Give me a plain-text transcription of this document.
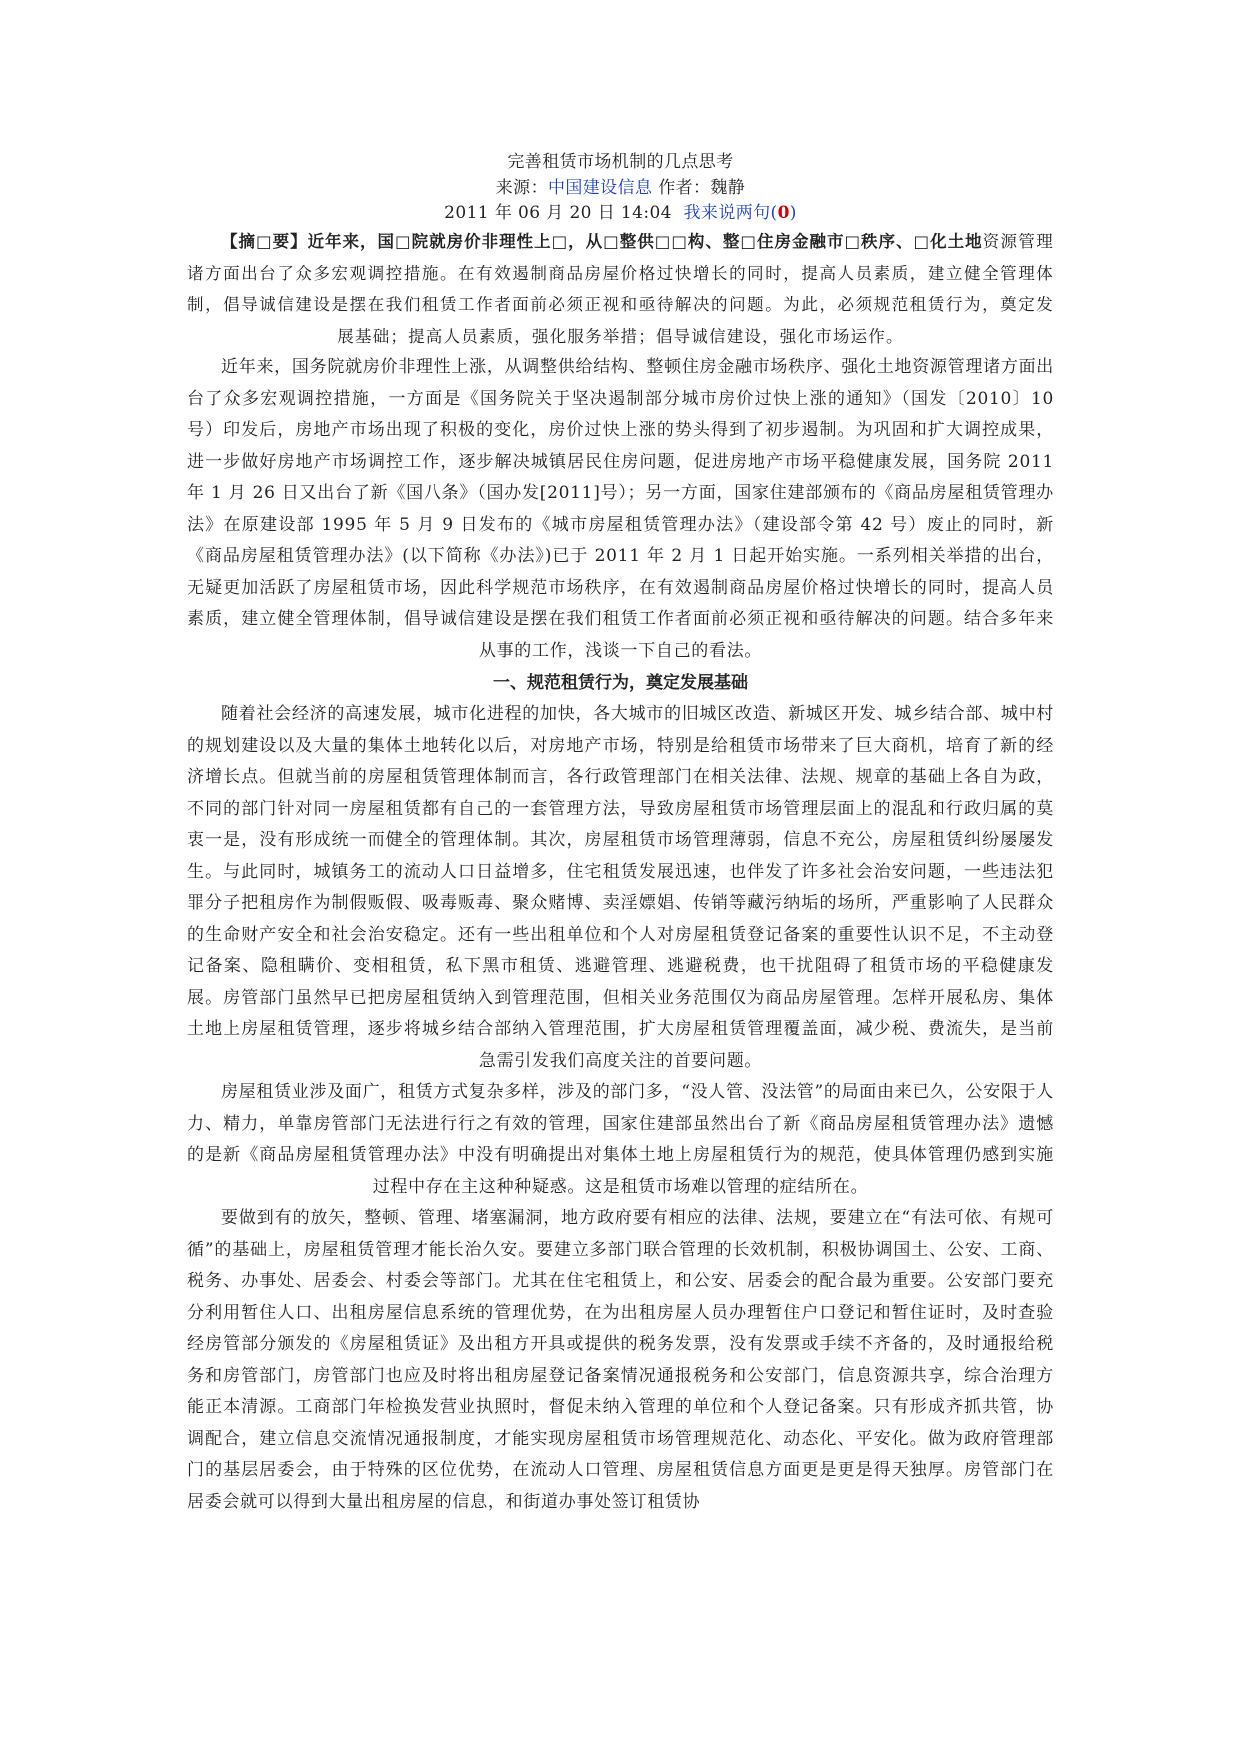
完善租赁市场机制的几点思考
来源：中国建设信息 作者：魏静
2011 年 06 月 20 日 14:04 我来说两句(0)

【摘□要】近年来，国□院就房价非理性上□，从□整供□□构、整□住房金融市□秩序、□化土地资源管理诸方面出台了众多宏观调控措施。在有效遏制商品房屋价格过快增长的同时，提高人员素质，建立健全管理体制，倡导诚信建设是摆在我们租赁工作者面前必须正视和亟待解决的问题。为此，必须规范租赁行为，奠定发展基础；提高人员素质，强化服务举措；倡导诚信建设，强化市场运作。

近年来，国务院就房价非理性上涨，从调整供给结构、整顿住房金融市场秩序、强化土地资源管理诸方面出台了众多宏观调控措施，一方面是《国务院关于坚决遏制部分城市房价过快上涨的通知》（国发〔2010〕10 号）印发后，房地产市场出现了积极的变化，房价过快上涨的势头得到了初步遏制。为巩固和扩大调控成果，进一步做好房地产市场调控工作，逐步解决城镇居民住房问题，促进房地产市场平稳健康发展，国务院 2011 年 1 月 26 日又出台了新《国八条》（国办发[2011]号）；另一方面，国家住建部颁布的《商品房屋租赁管理办法》在原建设部 1995 年 5 月 9 日发布的《城市房屋租赁管理办法》（建设部令第 42 号）废止的同时，新《商品房屋租赁管理办法》(以下简称《办法》)已于 2011 年 2 月 1 日起开始实施。一系列相关举措的出台，无疑更加活跃了房屋租赁市场，因此科学规范市场秩序，在有效遏制商品房屋价格过快增长的同时，提高人员素质，建立健全管理体制，倡导诚信建设是摆在我们租赁工作者面前必须正视和亟待解决的问题。结合多年来从事的工作，浅谈一下自己的看法。

一、规范租赁行为，奠定发展基础

随着社会经济的高速发展，城市化进程的加快，各大城市的旧城区改造、新城区开发、城乡结合部、城中村的规划建设以及大量的集体土地转化以后，对房地产市场，特别是给租赁市场带来了巨大商机，培育了新的经济增长点。但就当前的房屋租赁管理体制而言，各行政管理部门在相关法律、法规、规章的基础上各自为政，不同的部门针对同一房屋租赁都有自己的一套管理方法，导致房屋租赁市场管理层面上的混乱和行政归属的莫衷一是，没有形成统一而健全的管理体制。其次，房屋租赁市场管理薄弱，信息不充公，房屋租赁纠纷屡屡发生。与此同时，城镇务工的流动人口日益增多，住宅租赁发展迅速，也伴发了许多社会治安问题，一些违法犯罪分子把租房作为制假贩假、吸毒贩毒、聚众赌博、卖淫嫖娼、传销等藏污纳垢的场所，严重影响了人民群众的生命财产安全和社会治安稳定。还有一些出租单位和个人对房屋租赁登记备案的重要性认识不足，不主动登记备案、隐租瞒价、变相租赁，私下黑市租赁、逃避管理、逃避税费，也干扰阻碍了租赁市场的平稳健康发展。房管部门虽然早已把房屋租赁纳入到管理范围，但相关业务范围仅为商品房屋管理。怎样开展私房、集体土地上房屋租赁管理，逐步将城乡结合部纳入管理范围，扩大房屋租赁管理覆盖面，减少税、费流失，是当前急需引发我们高度关注的首要问题。

房屋租赁业涉及面广，租赁方式复杂多样，涉及的部门多，“没人管、没法管”的局面由来已久，公安限于人力、精力，单靠房管部门无法进行行之有效的管理，国家住建部虽然出台了新《商品房屋租赁管理办法》遗憾的是新《商品房屋租赁管理办法》中没有明确提出对集体土地上房屋租赁行为的规范，使具体管理仍感到实施过程中存在主这种种疑惑。这是租赁市场难以管理的症结所在。

要做到有的放矢，整顿、管理、堵塞漏洞，地方政府要有相应的法律、法规，要建立在“有法可依、有规可循”的基础上，房屋租赁管理才能长治久安。要建立多部门联合管理的长效机制，积极协调国土、公安、工商、税务、办事处、居委会、村委会等部门。尤其在住宅租赁上，和公安、居委会的配合最为重要。公安部门要充分利用暂住人口、出租房屋信息系统的管理优势，在为出租房屋人员办理暂住户口登记和暂住证时，及时查验经房管部分颁发的《房屋租赁证》及出租方开具或提供的税务发票，没有发票或手续不齐备的，及时通报给税务和房管部门，房管部门也应及时将出租房屋登记备案情况通报税务和公安部门，信息资源共享，综合治理方能正本清源。工商部门年检换发营业执照时，督促未纳入管理的单位和个人登记备案。只有形成齐抓共管，协调配合，建立信息交流情况通报制度，才能实现房屋租赁市场管理规范化、动态化、平安化。做为政府管理部门的基层居委会，由于特殊的区位优势，在流动人口管理、房屋租赁信息方面更是更是得天独厚。房管部门在居委会就可以得到大量出租房屋的信息，和街道办事处签订租赁协
